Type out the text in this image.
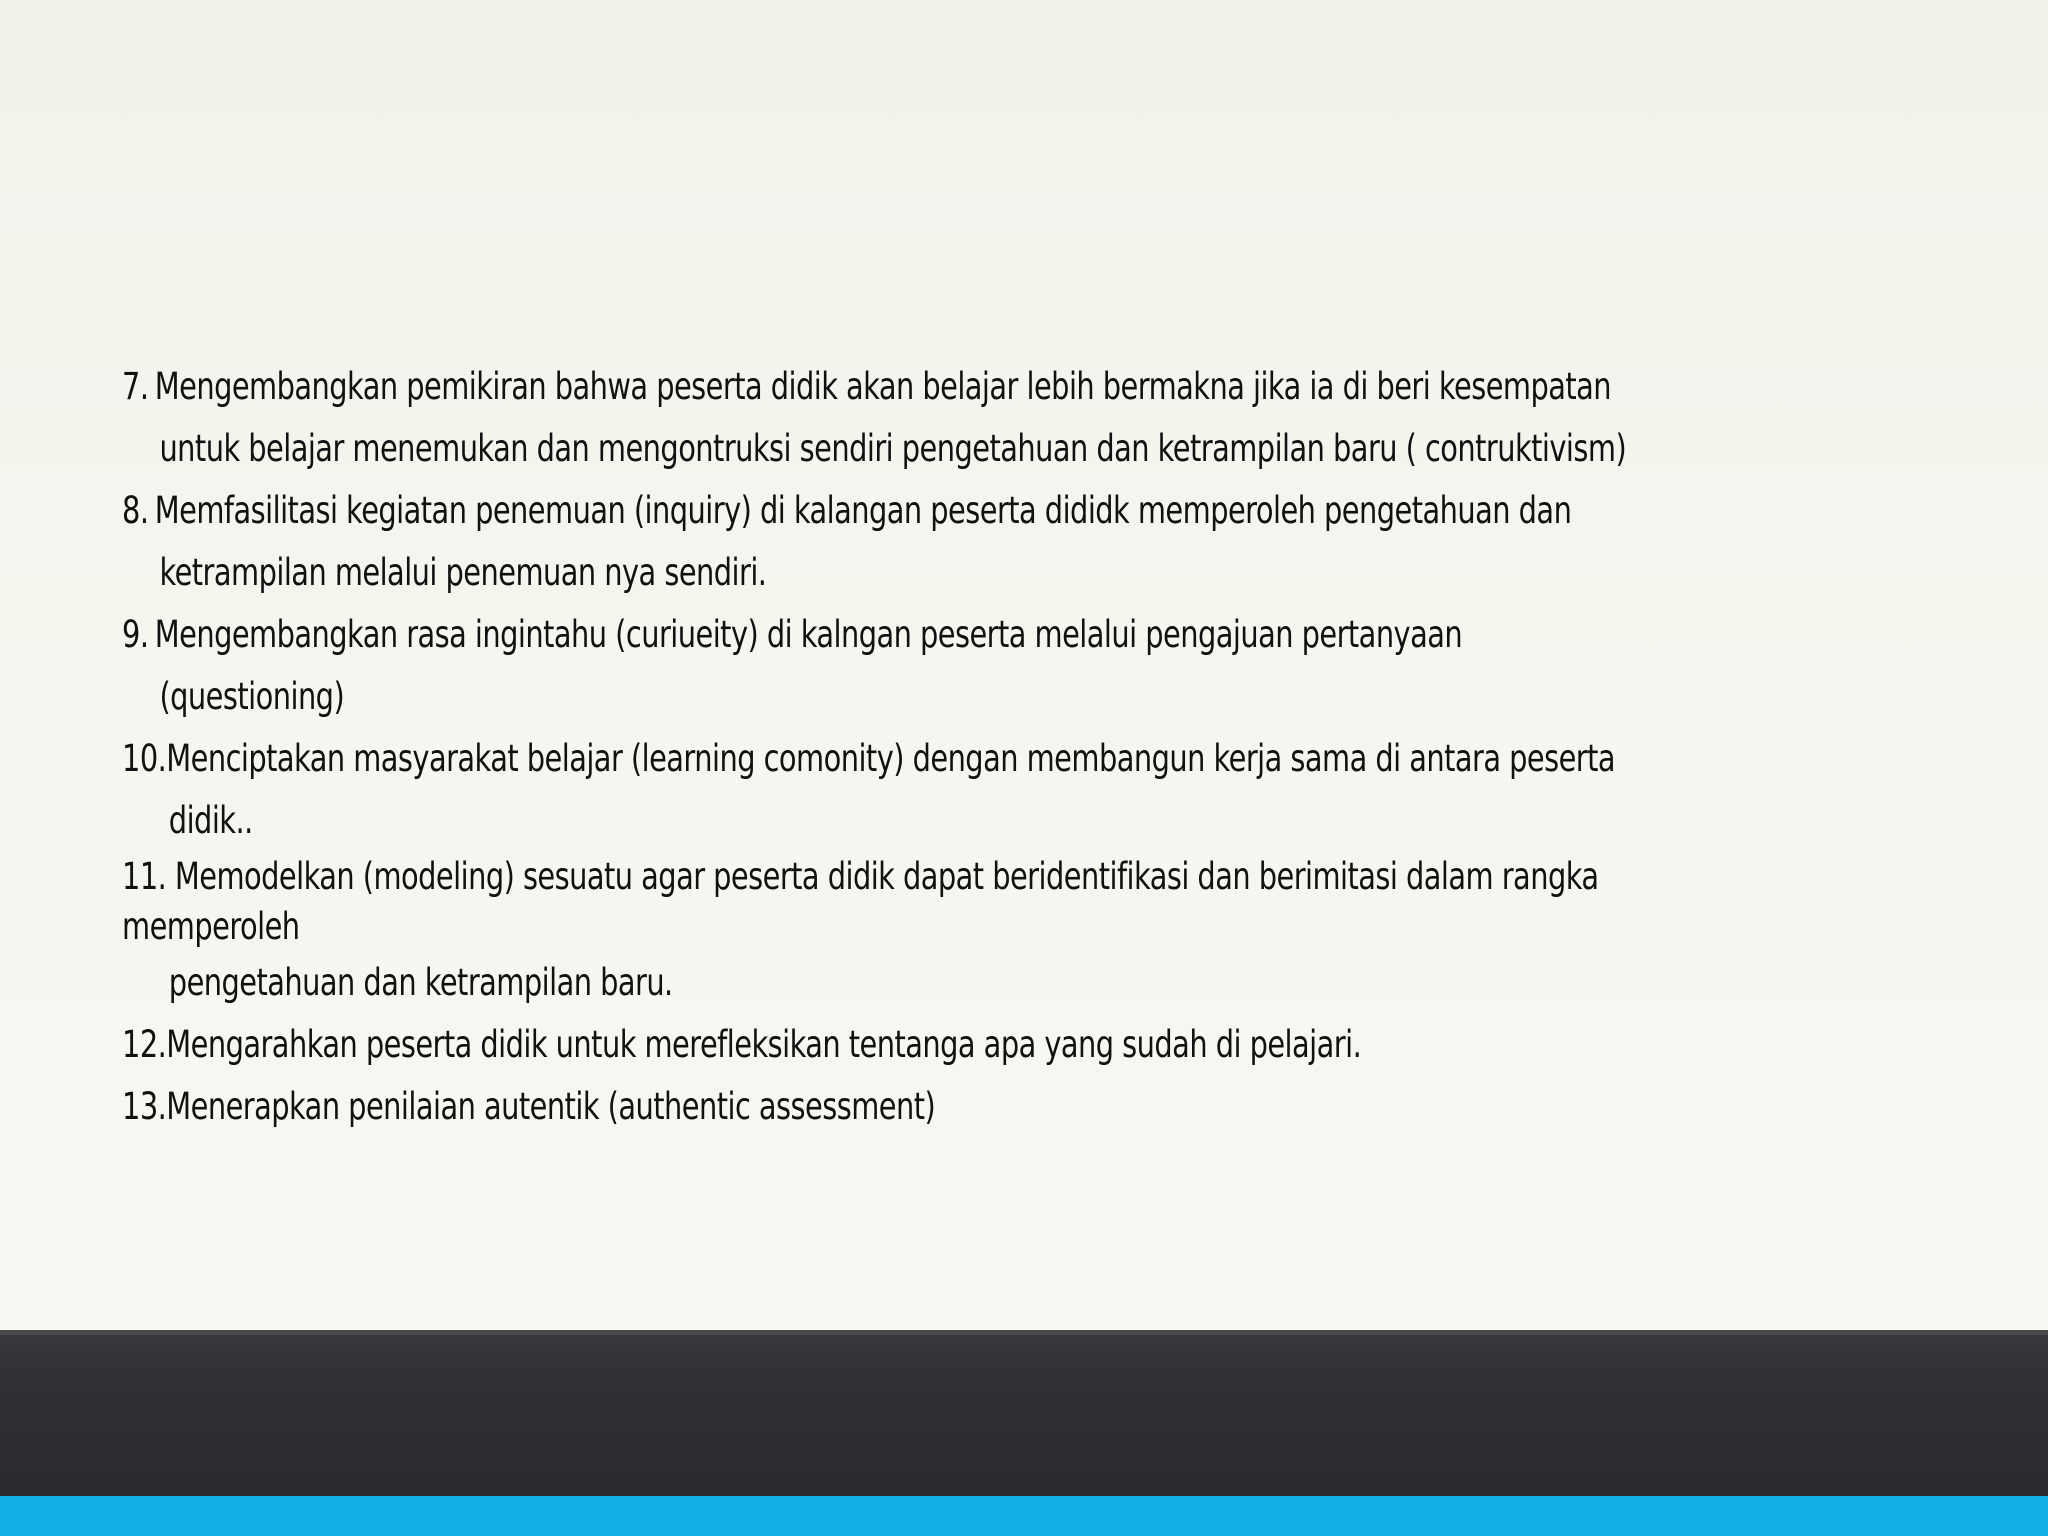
7. Mengembangkan pemikiran bahwa peserta didik akan belajar lebih bermakna jika ia di beri kesempatan
untuk belajar menemukan dan mengontruksi sendiri pengetahuan dan ketrampilan baru ( contruktivism)
8. Memfasilitasi kegiatan penemuan (inquiry) di kalangan peserta dididk memperoleh pengetahuan dan
ketrampilan melalui penemuan nya sendiri.
9. Mengembangkan rasa ingintahu (curiueity) di kalngan peserta melalui pengajuan pertanyaan
(questioning)
10.Menciptakan masyarakat belajar (learning comonity) dengan membangun kerja sama di antara peserta
didik..
11. Memodelkan (modeling) sesuatu agar peserta didik dapat beridentifikasi dan berimitasi dalam rangka
memperoleh
pengetahuan dan ketrampilan baru.
12.Mengarahkan peserta didik untuk merefleksikan tentanga apa yang sudah di pelajari.
13.Menerapkan penilaian autentik (authentic assessment)
